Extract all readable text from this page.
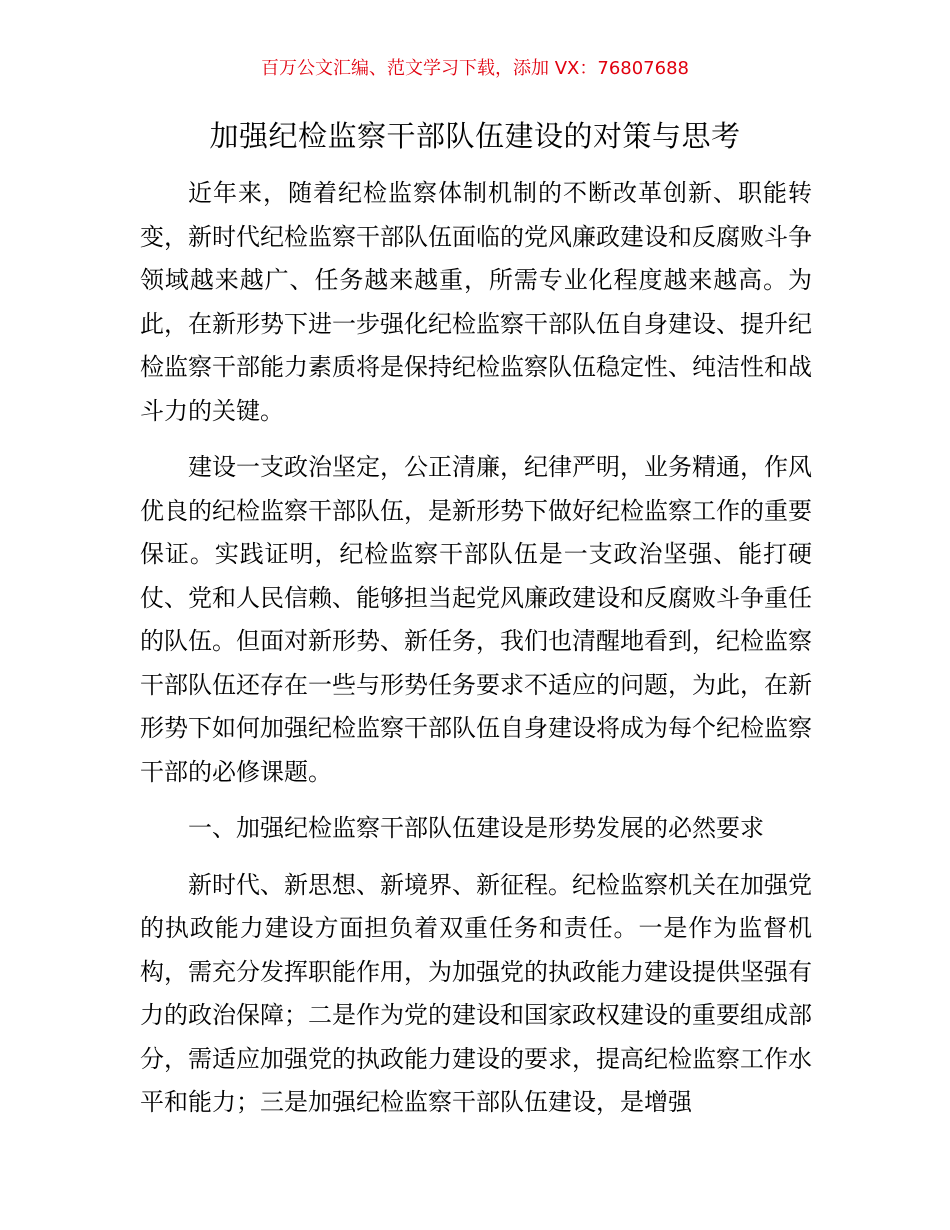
百万公文汇编、范文学习下载，添加 VX：76807688
加强纪检监察干部队伍建设的对策与思考

近年来，随着纪检监察体制机制的不断改革创新、职能转变，新时代纪检监察干部队伍面临的党风廉政建设和反腐败斗争领域越来越广、任务越来越重，所需专业化程度越来越高。为此，在新形势下进一步强化纪检监察干部队伍自身建设、提升纪检监察干部能力素质将是保持纪检监察队伍稳定性、纯洁性和战斗力的关键。

建设一支政治坚定，公正清廉，纪律严明，业务精通，作风优良的纪检监察干部队伍，是新形势下做好纪检监察工作的重要保证。实践证明，纪检监察干部队伍是一支政治坚强、能打硬仗、党和人民信赖、能够担当起党风廉政建设和反腐败斗争重任的队伍。但面对新形势、新任务，我们也清醒地看到，纪检监察干部队伍还存在一些与形势任务要求不适应的问题，为此，在新形势下如何加强纪检监察干部队伍自身建设将成为每个纪检监察干部的必修课题。

一、加强纪检监察干部队伍建设是形势发展的必然要求

新时代、新思想、新境界、新征程。纪检监察机关在加强党的执政能力建设方面担负着双重任务和责任。一是作为监督机构，需充分发挥职能作用，为加强党的执政能力建设提供坚强有力的政治保障；二是作为党的建设和国家政权建设的重要组成部分，需适应加强党的执政能力建设的要求，提高纪检监察工作水平和能力；三是加强纪检监察干部队伍建设，是增强
